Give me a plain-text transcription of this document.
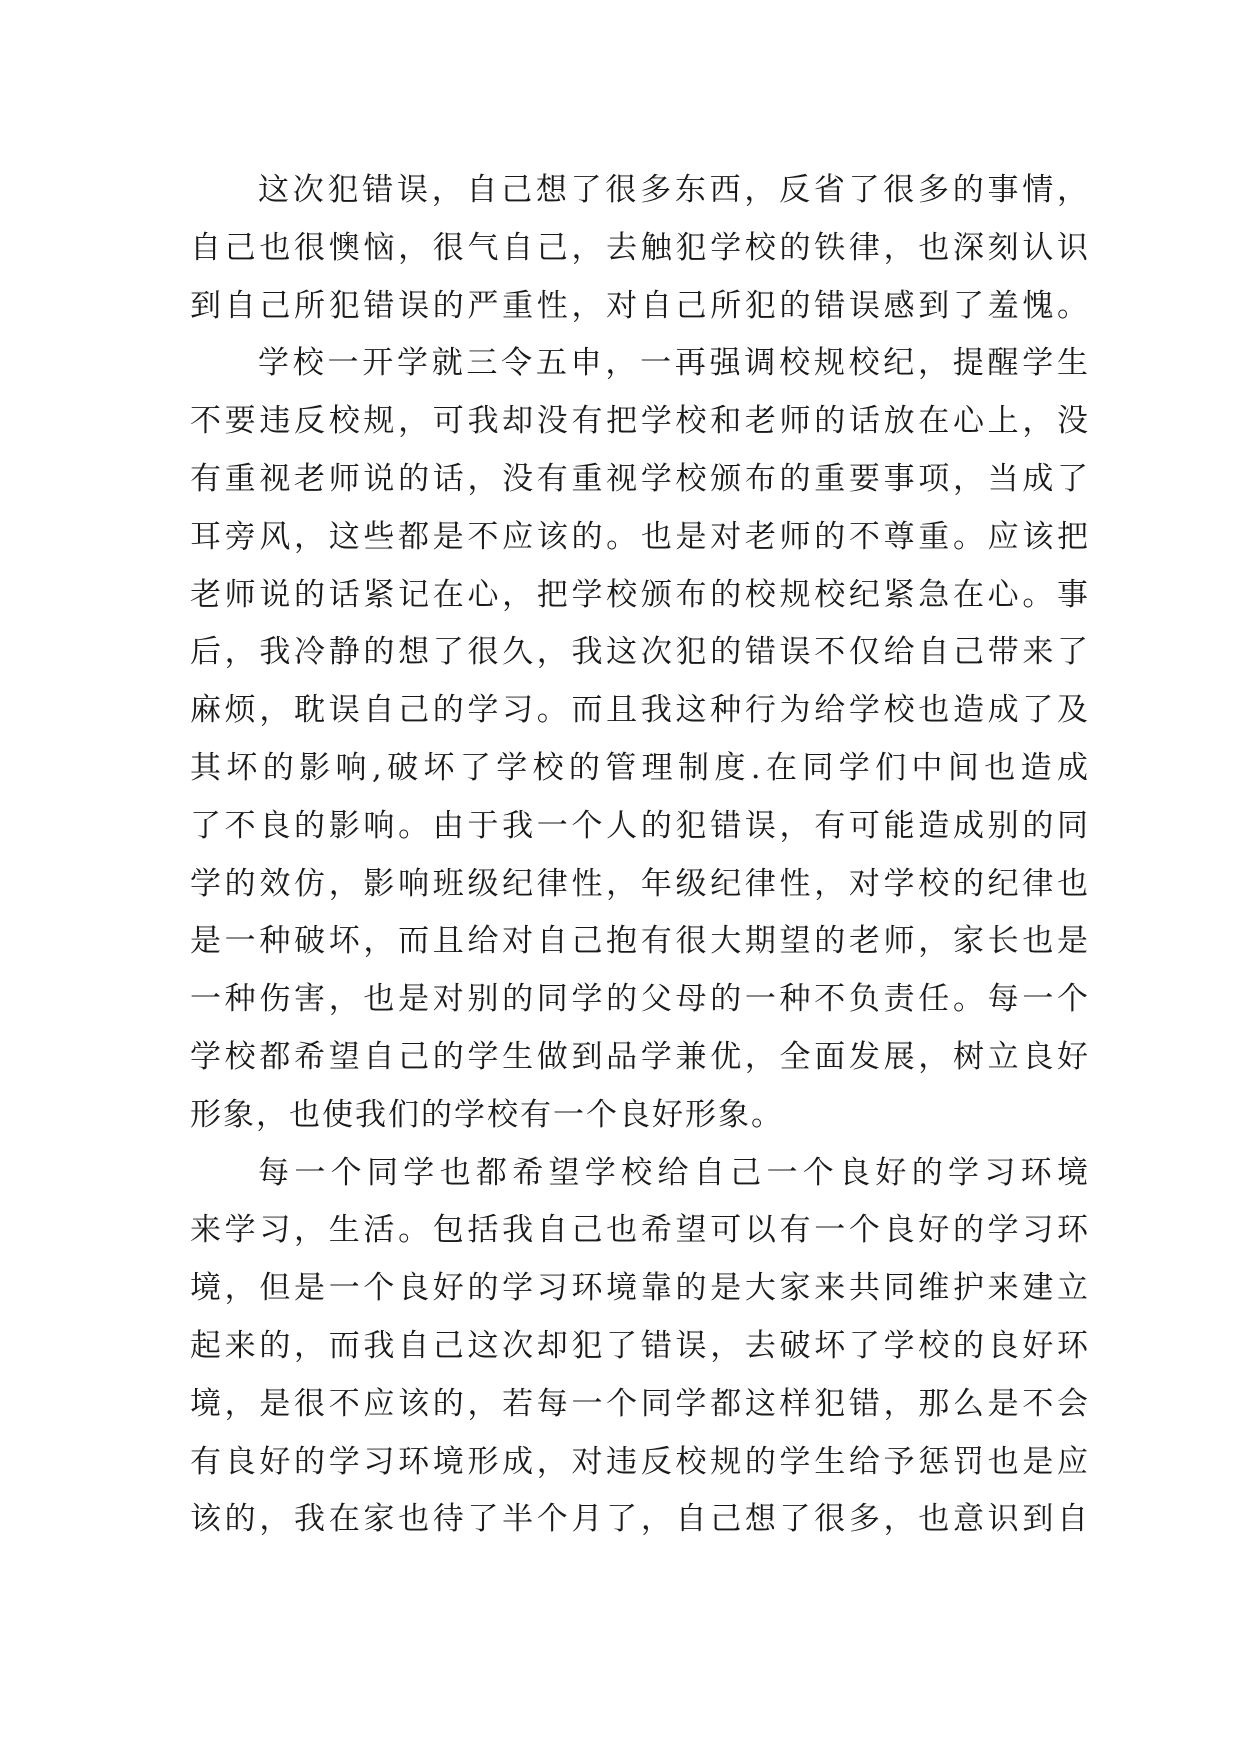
这次犯错误，自己想了很多东西，反省了很多的事情，
自己也很懊恼，很气自己，去触犯学校的铁律，也深刻认识
到自己所犯错误的严重性，对自己所犯的错误感到了羞愧。
学校一开学就三令五申，一再强调校规校纪，提醒学生
不要违反校规，可我却没有把学校和老师的话放在心上，没
有重视老师说的话，没有重视学校颁布的重要事项，当成了
耳旁风，这些都是不应该的。也是对老师的不尊重。应该把
老师说的话紧记在心，把学校颁布的校规校纪紧急在心。事
后，我冷静的想了很久，我这次犯的错误不仅给自己带来了
麻烦，耽误自己的学习。而且我这种行为给学校也造成了及
其坏的影响,破坏了学校的管理制度.在同学们中间也造成
了不良的影响。由于我一个人的犯错误，有可能造成别的同
学的效仿，影响班级纪律性，年级纪律性，对学校的纪律也
是一种破坏，而且给对自己抱有很大期望的老师，家长也是
一种伤害，也是对别的同学的父母的一种不负责任。每一个
学校都希望自己的学生做到品学兼优，全面发展，树立良好
形象，也使我们的学校有一个良好形象。
每一个同学也都希望学校给自己一个良好的学习环境
来学习，生活。包括我自己也希望可以有一个良好的学习环
境，但是一个良好的学习环境靠的是大家来共同维护来建立
起来的，而我自己这次却犯了错误，去破坏了学校的良好环
境，是很不应该的，若每一个同学都这样犯错，那么是不会
有良好的学习环境形成，对违反校规的学生给予惩罚也是应
该的，我在家也待了半个月了，自己想了很多，也意识到自
